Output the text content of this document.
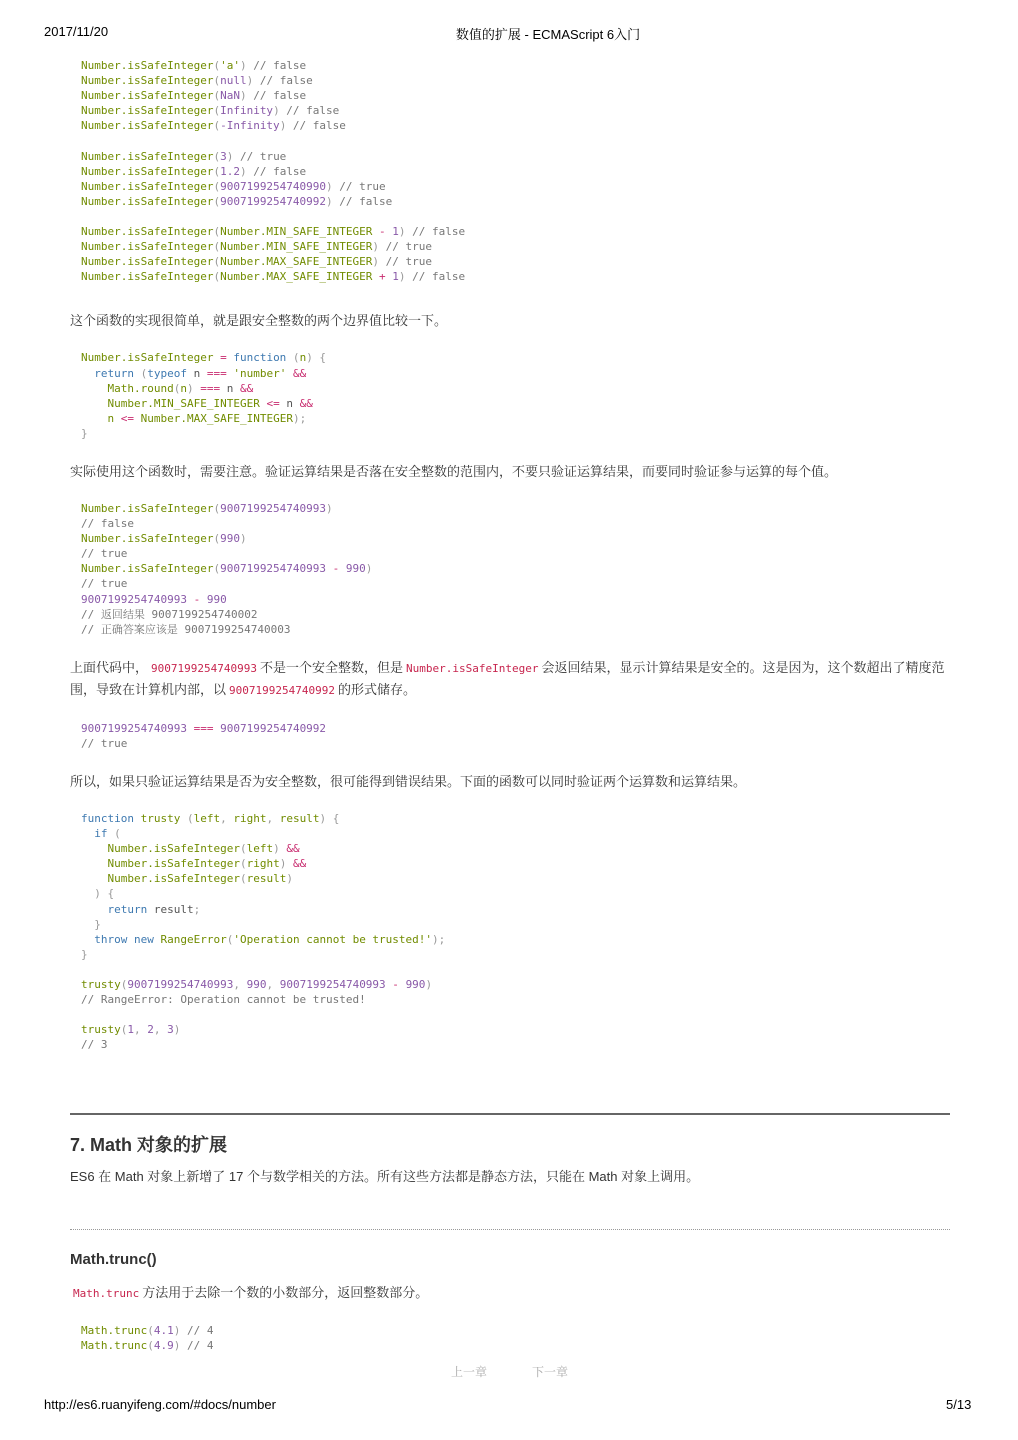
2017/11/20	数值的扩展 - ECMAScript 6入门
Number.isSafeInteger('a') // false
Number.isSafeInteger(null) // false
Number.isSafeInteger(NaN) // false
Number.isSafeInteger(Infinity) // false
Number.isSafeInteger(-Infinity) // false

Number.isSafeInteger(3) // true
Number.isSafeInteger(1.2) // false
Number.isSafeInteger(9007199254740990) // true
Number.isSafeInteger(9007199254740992) // false

Number.isSafeInteger(Number.MIN_SAFE_INTEGER - 1) // false
Number.isSafeInteger(Number.MIN_SAFE_INTEGER) // true
Number.isSafeInteger(Number.MAX_SAFE_INTEGER) // true
Number.isSafeInteger(Number.MAX_SAFE_INTEGER + 1) // false

这个函数的实现很简单，就是跟安全整数的两个边界值比较一下。

Number.isSafeInteger = function (n) {
return (typeof n === 'number' &&
Math.round(n) === n &&
Number.MIN_SAFE_INTEGER <= n &&
n <= Number.MAX_SAFE_INTEGER);
}

实际使用这个函数时，需要注意。验证运算结果是否落在安全整数的范围内，不要只验证运算结果，而要同时验证参与运算的每个值。

Number.isSafeInteger(9007199254740993)
// false
Number.isSafeInteger(990)
// true
Number.isSafeInteger(9007199254740993 - 990)
// true
9007199254740993 - 990
// 返回结果 9007199254740002
// 正确答案应该是 9007199254740003

上面代码中， 9007199254740993 不是一个安全整数，但是 Number.isSafeInteger 会返回结果，显示计算结果是安全的。这是因为，这个数超出了精度范围，导致在计算机内部，以 9007199254740992 的形式储存。

9007199254740993 === 9007199254740992
// true

所以，如果只验证运算结果是否为安全整数，很可能得到错误结果。下面的函数可以同时验证两个运算数和运算结果。

function trusty (left, right, result) {
if (
Number.isSafeInteger(left) &&
Number.isSafeInteger(right) &&
Number.isSafeInteger(result)
) {
return result;
}
throw new RangeError('Operation cannot be trusted!');
}

trusty(9007199254740993, 990, 9007199254740993 - 990)
// RangeError: Operation cannot be trusted!

trusty(1, 2, 3)
// 3
7. Math 对象的扩展

ES6 在 Math 对象上新增了 17 个与数学相关的方法。所有这些方法都是静态方法，只能在 Math 对象上调用。

Math.trunc()

Math.trunc 方法用于去除一个数的小数部分，返回整数部分。

Math.trunc(4.1) // 4
Math.trunc(4.9) // 4
上一章	下一章
http://es6.ruanyifeng.com/#docs/number	5/13
